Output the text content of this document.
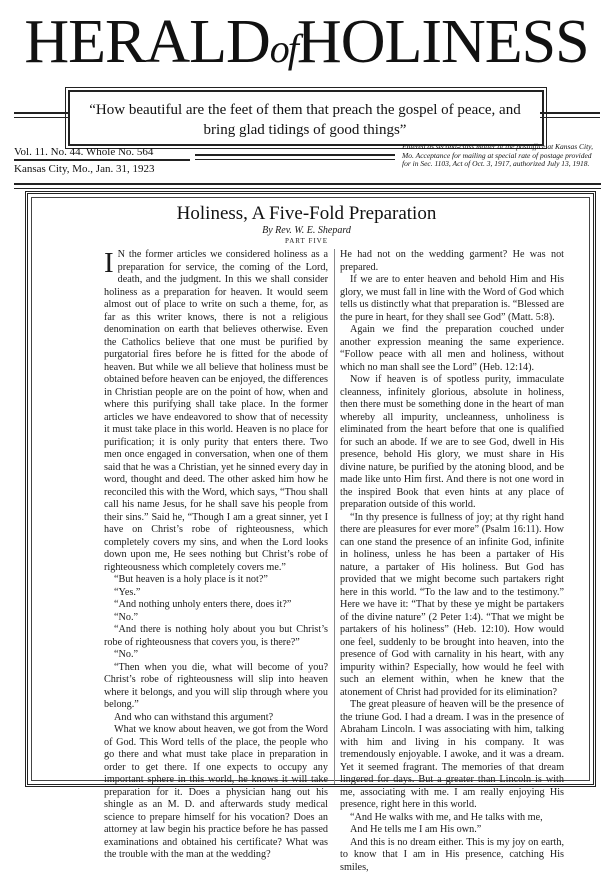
HERALDofHOLINESS
“How beautiful are the feet of them that preach the gospel of peace, and
bring glad tidings of good things”
Vol. 11. No. 44. Whole No. 564
Kansas City, Mo., Jan. 31, 1923
Entered as second-class matter at the postoffice at Kansas City, Mo. Acceptance for mailing at special rate of postage provided for in Sec. 1103, Act of Oct. 3, 1917, authorized July 13, 1918.
Holiness, A Five-Fold Preparation
By Rev. W. E. Shepard
PART FIVE

I N the former articles we considered holiness as a preparation for service, the coming of the Lord, death, and the judgment. In this we shall consider holiness as a preparation for heaven. It would seem almost out of place to write on such a theme, for, as far as this writer knows, there is not a religious denomination on earth that believes otherwise. Even the Catholics believe that one must be purified by purgatorial fires before he is fitted for the abode of heaven. But while we all believe that holiness must be obtained before heaven can be enjoyed, the differences in Christian people are on the point of how, when and where this purifying shall take place. In the former articles we have endeavored to show that of necessity it must take place in this world. Heaven is no place for purification; it is only purity that enters there. Two men once engaged in conversation, when one of them said that he was a Christian, yet he sinned every day in word, thought and deed. The other asked him how he reconciled this with the Word, which says, “Thou shall call his name Jesus, for he shall save his people from their sins.” Said he, “Though I am a great sinner, yet I have on Christ’s robe of righteousness, which completely covers my sins, and when the Lord looks down upon me, He sees nothing but Christ’s robe of righteousness which completely covers me.”

“But heaven is a holy place is it not?”

“Yes.”

“And nothing unholy enters there, does it?”

“No.”

“And there is nothing holy about you but Christ’s robe of righteousness that covers you, is there?”

“No.”

“Then when you die, what will become of you? Christ’s robe of righteousness will slip into heaven where it belongs, and you will slip through where you belong.”

And who can withstand this argument?

What we know about heaven, we got from the Word of God. This Word tells of the place, the people who go there and what must take place in preparation in order to get there. If one expects to occupy any important sphere in this world, he knows it will take preparation for it. Does a physician hang out his shingle as an M. D. and afterwards study medical science to prepare himself for his vocation? Does an attorney at law begin his practice before he has passed examinations and obtained his certificate? What was the trouble with the man at the wedding?

He had not on the wedding garment? He was not prepared.

If we are to enter heaven and behold Him and His glory, we must fall in line with the Word of God which tells us distinctly what that preparation is. “Blessed are the pure in heart, for they shall see God” (Matt. 5:8).

Again we find the preparation couched under another expression meaning the same experience. “Follow peace with all men and holiness, without which no man shall see the Lord” (Heb. 12:14).

Now if heaven is of spotless purity, immaculate cleanness, infinitely glorious, absolute in holiness, then there must be something done in the heart of man whereby all impurity, uncleanness, unholiness is eliminated from the heart before that one is qualified for such an abode. If we are to see God, dwell in His presence, behold His glory, we must share in His divine nature, be purified by the atoning blood, and be made like unto Him first. And there is not one word in the inspired Book that even hints at any place of preparation outside of this world.

“In thy presence is fullness of joy; at thy right hand there are pleasures for ever more” (Psalm 16:11). How can one stand the presence of an infinite God, infinite in holiness, unless he has been a partaker of His nature, a partaker of His holiness. But God has provided that we might become such partakers right here in this world. “To the law and to the testimony.” Here we have it: “That by these ye might be partakers of the divine nature” (2 Peter 1:4). “That we might be partakers of his holiness” (Heb. 12:10). How would one feel, suddenly to be brought into heaven, into the presence of God with carnality in his heart, with any impurity within? Especially, how would he feel with such an element within, when he knew that the atonement of Christ had provided for its elimination?

The great pleasure of heaven will be the presence of the triune God. I had a dream. I was in the presence of Abraham Lincoln. I was associating with him, talking with him and living in his company. It was tremendously enjoyable. I awoke, and it was a dream. Yet it seemed fragrant. The memories of that dream lingered for days. But a greater than Lincoln is with me, associating with me. I am really enjoying His presence, right here in this world.

“And He walks with me, and He talks with me,

And He tells me I am His own.”

And this is no dream either. This is my joy on earth, to know that I am in His presence, catching His smiles,
